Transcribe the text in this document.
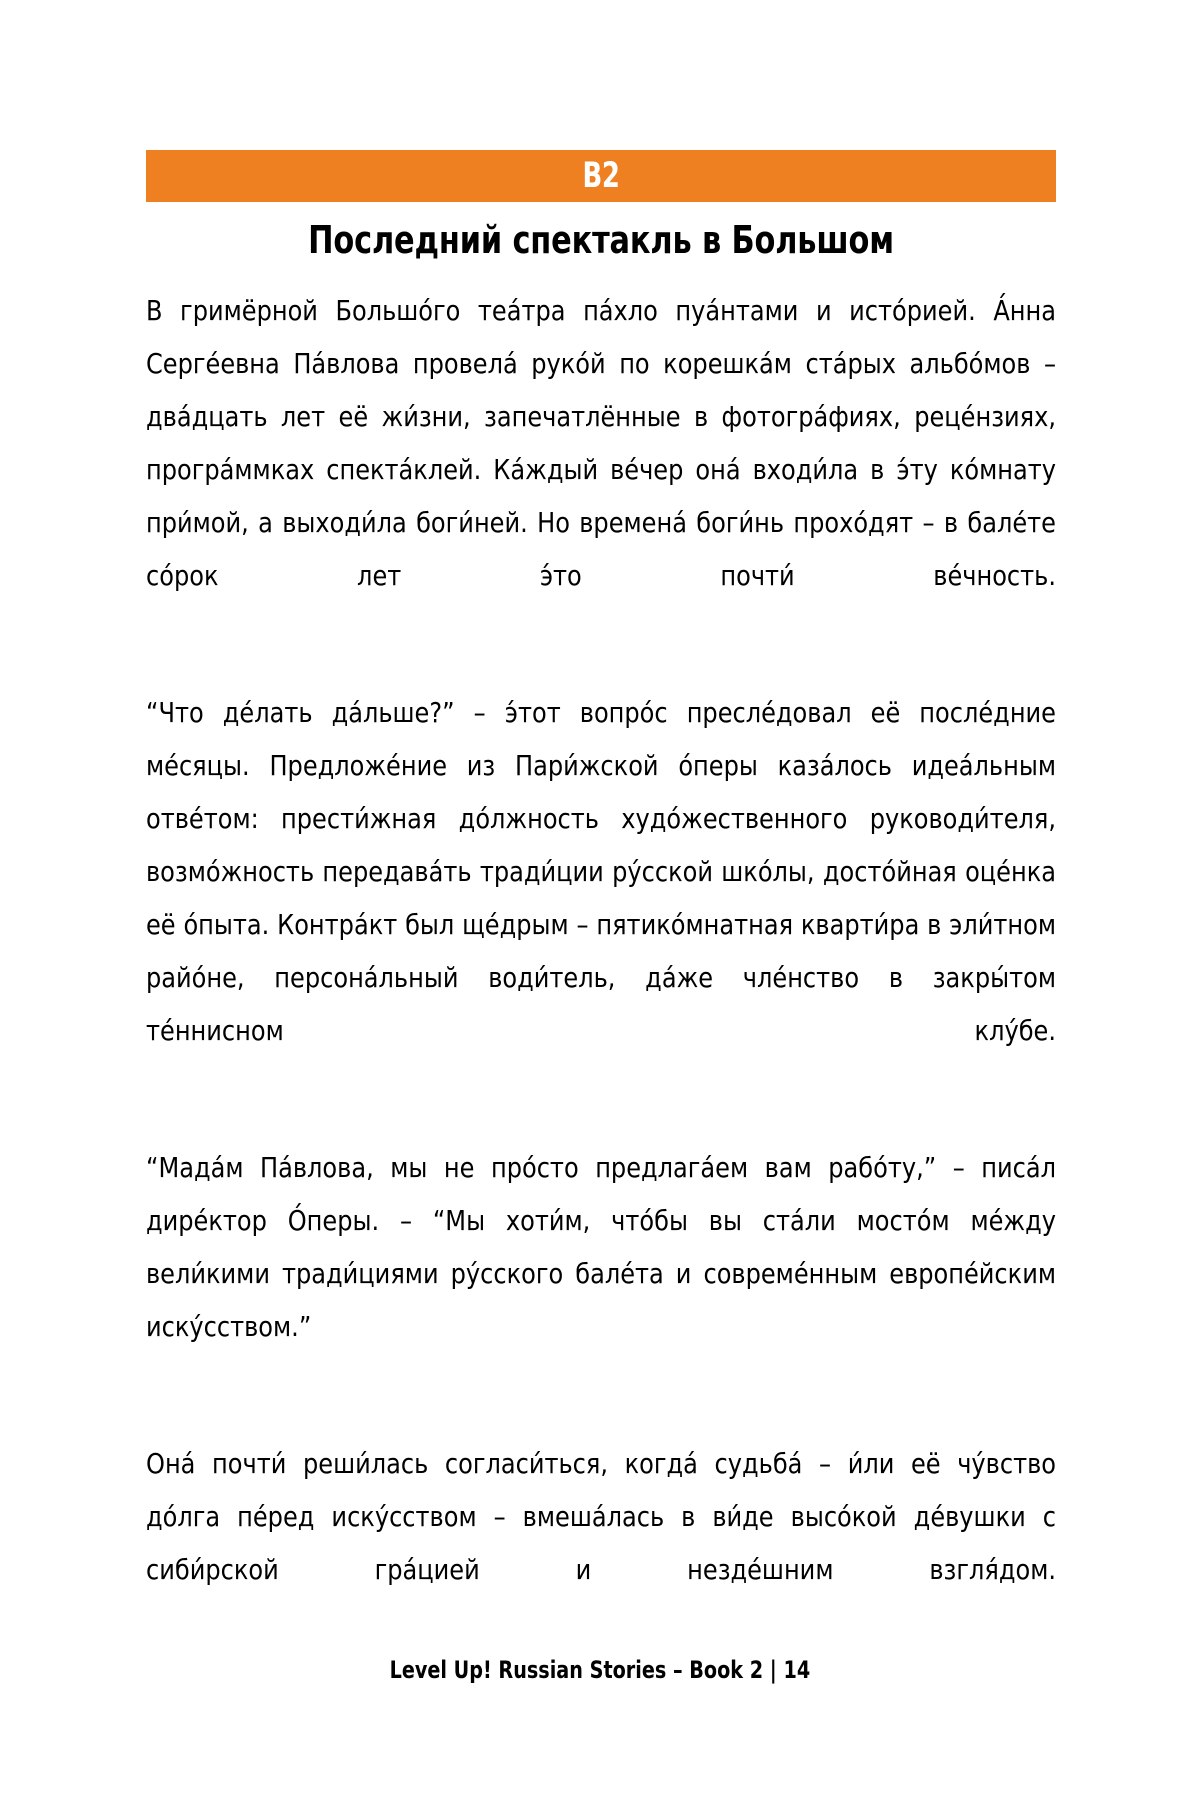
B2
Последний спектакль в Большом

В гримёрной Большо́го теа́тра па́хло пуа́нтами и исто́рией. А́нна Серге́евна Па́влова провела́ руко́й по корешка́м ста́рых альбо́мов – два́дцать лет её жи́зни, запечатлённые в фотогра́фиях, реце́нзиях, програ́ммках спекта́клей. Ка́ждый ве́чер она́ входи́ла в э́ту ко́мнату при́мой, а выходи́ла боги́ней. Но времена́ боги́нь прохо́дят – в бале́те со́рок лет э́то почти́ ве́чность.

“Что де́лать да́льше?” – э́тот вопро́с пресле́довал её после́дние ме́сяцы. Предложе́ние из Пари́жской о́перы каза́лось идеа́льным отве́том: прести́жная до́лжность худо́жественного руководи́теля, возмо́жность передава́ть тради́ции ру́сской шко́лы, досто́йная оце́нка её о́пыта. Контра́кт был ще́дрым – пятико́мнатная кварти́ра в эли́тном райо́не, персона́льный води́тель, да́же чле́нство в закры́том те́ннисном клу́бе.

“Мада́м Па́влова, мы не про́сто предлага́ем вам рабо́ту,” – писа́л дире́ктор О́перы. – “Мы хоти́м, что́бы вы ста́ли мосто́м ме́жду вели́кими тради́циями ру́сского бале́та и совреме́нным европе́йским иску́сством.”

Она́ почти́ реши́лась согласи́ться, когда́ судьба́ – и́ли её чу́вство до́лга пе́ред иску́сством – вмеша́лась в ви́де высо́кой де́вушки с сиби́рской гра́цией и незде́шним взгля́дом.

Level Up! Russian Stories – Book 2 | 14
